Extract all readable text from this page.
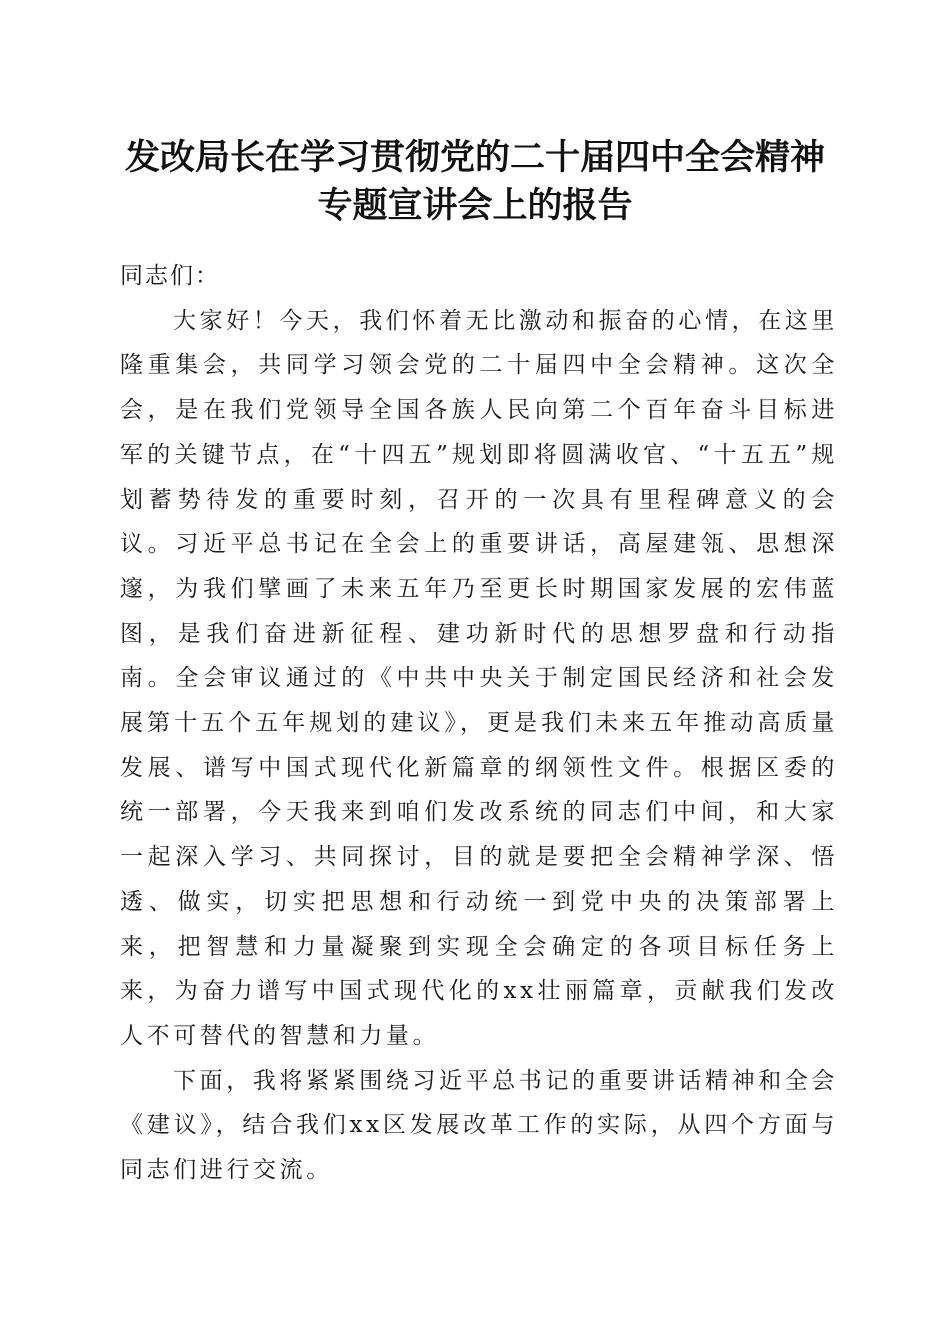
发改局长在学习贯彻党的二十届四中全会精神
专题宣讲会上的报告

同志们：

大家好！今天，我们怀着无比激动和振奋的心情，在这里隆重集会，共同学习领会党的二十届四中全会精神。这次全会，是在我们党领导全国各族人民向第二个百年奋斗目标进军的关键节点，在“十四五”规划即将圆满收官、“十五五”规划蓄势待发的重要时刻，召开的一次具有里程碑意义的会议。习近平总书记在全会上的重要讲话，高屋建瓴、思想深邃，为我们擘画了未来五年乃至更长时期国家发展的宏伟蓝图，是我们奋进新征程、建功新时代的思想罗盘和行动指南。全会审议通过的《中共中央关于制定国民经济和社会发展第十五个五年规划的建议》，更是我们未来五年推动高质量发展、谱写中国式现代化新篇章的纲领性文件。根据区委的统一部署，今天我来到咱们发改系统的同志们中间，和大家一起深入学习、共同探讨，目的就是要把全会精神学深、悟透、做实，切实把思想和行动统一到党中央的决策部署上来，把智慧和力量凝聚到实现全会确定的各项目标任务上来，为奋力谱写中国式现代化的xx壮丽篇章，贡献我们发改人不可替代的智慧和力量。

下面，我将紧紧围绕习近平总书记的重要讲话精神和全会《建议》，结合我们xx区发展改革工作的实际，从四个方面与同志们进行交流。
